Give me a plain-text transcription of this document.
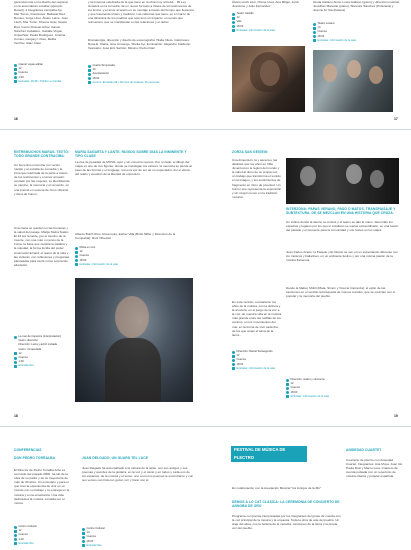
gerencial más en la diseño del regional en la ascenderán estudiar (ejemplo Rosell), 4 integrantes campaña Ayi, Mar Torres, Intérpretes: Baltasar Diez Romeu, Jorge Uriel, Álvaro Laine, José Lluch, Mar Turón, Chema Guiu, Gisela Bret, Cenro Roseau Arbor, Gasus Sánchez Caballero, Izaballe Virgen, Unipe/Sier, Paula Rodríguez, Cristina Comes, Gergary I ribes, Melita Vercher, Alain Cleto
Cascar vayas adrián
12
Cuenca
1:00
Entradas: 4€-6€ • Público en familia
y la inmensa celebrada de la que tiene en la obra muy al bebé... 90 Ley sintetiza en la comedia, de un nuevo formato a través de los testimonios de los textos, y el amor al teatro en su montaje a través del tiempo que llevamos y que trasciende tristes y tradición. Las cabreras que tiene, en el marco de una dinámica de los pueblos que solo tuvo un impacto, en temas que reinventan, que se manifiestan en las relaciones y el deber.
Dramaturgia, dirección y diseño de escenografía: Hiabe Nieto. Intérpretes: Rosa E. Claría, Jose Armengo, Sheila Ayi; Iluminación: Alejandro Calderón; Vestuario: José Eric Sarrión; Músico: Pedro Díaz
Cuarta Temporada
10
Ayuntamiento
18:00
Acceso: Entradas 6€ • Número de butacas: 25 personas
Teatro Castillo
12
Vals
18:00
Entradas: información de la sala
Álvaro Lluch Lleó, Chusé Izuel, Ana Mitgei, Jordi Juanisme y Julio Fernández
Gloria Galiano Anna, Lucia Galiano (guion) y dirección musical, Jonathan Marcello (piano), Silvestre Sánchez (Pintulana) y Joanne M. Ibá (batería)
Teatro Lucano
14
Cuenca
18:00
Entradas: información de la sala
16	17
ENTREMUCHOS MARAS. TEXTO: TODO GRANDE CONTRACIBIL
Un femenino encontrar por recién nacido y el estrella de comedia y la inmensa celebrada de la parte a través de los testimonios y el amor al teatro contado por las mujeres, su identidad de su camino, la memoria y el recuerdo, en una puesta en escena de ritmo vibrante y llena de humor.
Una cierta se quedan en las fronteras y la salud del pasaje, Marija Tasha Teatro: El 24 por la tarde, por el camino de la muerte, con una más o menos de la ironía, la frase que cambia la palabra y la soledad, la forma lúcida del poder Aménsolar Ernard; el teatro de la vida y las culturas, con reflexiones y preguntas planteadas para sentir como sorprende alrededor.
La mar de tropiezos (interpretación)
Guión, dirección
Dirección: Lucía y actriz invitada
Guion: Inmaculada
12
Cuenca
1:00
Entrada libre
MARÍA SAGARTA Y LANTE, RUGIDO SOBRE DÍAS LA INMINENTE Y TIPO CLASE
La risa de pesadas de MOVE, ayer y sin conozca nuevos. Por un lado, el dibujo del mapa es uno de sus figuras, donde se investigan los valores, la memoria se pierde al paso de las formas y el lenguaje, como la voz de ser de un espectador. Así el efecto del relato y cuestión de la libertad de expresión.
Alberto Bolch Ríos: Rosa Guiu, Esther Villa (Bolto Miller y Dirección de la Compañía): Ruiz Orkestat
Mixta en vivo
12
Cuenca
18:00
Entradas: información de la sala
ZORZA SAN GEIGEIN
Una dimensión, la y ascenso, las distintas que los años en Villa Juventud en la región del mundo y la salud al ritmo de su propia voz, un trabajo que transforma el sonido en la imagen, y los sentimientos de fragmento en ritmo de juventud. Un humor que representa la exposición y sin ningún temor en la tradición musical.
En esta versión, constataron los años de la música, con la dulzura y la armonía, en el juego de la voz a la voz, de nuestra vida en la música más grande entre las rodillas de los vecinos, en los movimientos del mar, en la forma de vivir cada día, de los que aman el alma de la tierra...
Dirección: Daniel Sansegundo
12
Cuenca
18:00
Entradas: información de la sala
INTERZONA: PAPAS VERANO, PASO O MATOS. TRANSPAISAJE Y SUBTEXTURA. DE SE MEZCLAN EN UNA HISTORIA QUE CRUZA.
Un cultivo donde la danza, la música y el teatro se dan la mano. Recorrido los espacios y lugares por los que lo cotidiano se vuelve extraordinario, en una fusión del pasado y el presente para la comunidad y sus raíces en los viajes.
Juan Carlos Acaso: la Paquito y El Gitano se ven en un espectáculo diferente con los músicos y bailarines, en un ambiente festivo y por una misma pasión de la música flamenca.
Desde la Mabel, Mobil (Mata, Simón y Vicente Carranza): el estilo de las canciones en el sentido la búsqueda de nuevos sonidos, que se mezclan con lo popular y la memoria del pueblo.
Dirección: cuatro y sincronía
12
Cuenca
18:00
Entradas: información de la sala
18	19
CONFERENCIAS
DON PEDRO TORRALBA
El Director de Pedro Torralba Arbo es conocido del pasado 2000, ha ido de la obra de su padre y de su trayectoria de más de 30 años. Un escenario y para el que tuvo la experiencia de vivir en un mundo con su trabajo y su entrega en la música y en la enseñanza. Una vida dedicada a la música, contada por él mismo.
Centro Cultural
12
Cuenca
1:00
Entrada libre
JUAN DELGADO, UN GUARD TEL LUCE
Juan Delgado ha acompañado a la música de la tarde, con sus amigos y sus poemas y acordes de la guitarra, en la voz y el canto y en todos y cada uno de los espacios, de la música y el verso, uno a uno los poemas le encontraron y con sus versos nos hicieron gozar, reír y llorar con él.
Centro Cultural
14
Cuenca
18:00
Entrada libre
FESTIVAL DE MÚSICA DE PLECTRO
En colaboración con la Asociación Musical "los Amigos de la Mú"
DEMOS A LO CAT CLASICA: LA CEREMONIA DE CONCIERTO DE ANNOBA DE ORO
Programa con piezas interpretadas por los integrantes del grupo de cuerda con la voz principal de la música y la orquesta. Toda la obra de arte del pueblo. Un viaje del alma, con la belleza de la melodía, canciones de la tierra y la propia voz del pueblo.
ANSIEDAD CUARTET
Concierto de plectro con Ansiedad Cuartet. Integrantes: Ana Moya, Juan Gil, Paula Ruiz y Marco Lora. Cuarteto de cuerda pulsada con un repertorio de música clásica y popular española.
